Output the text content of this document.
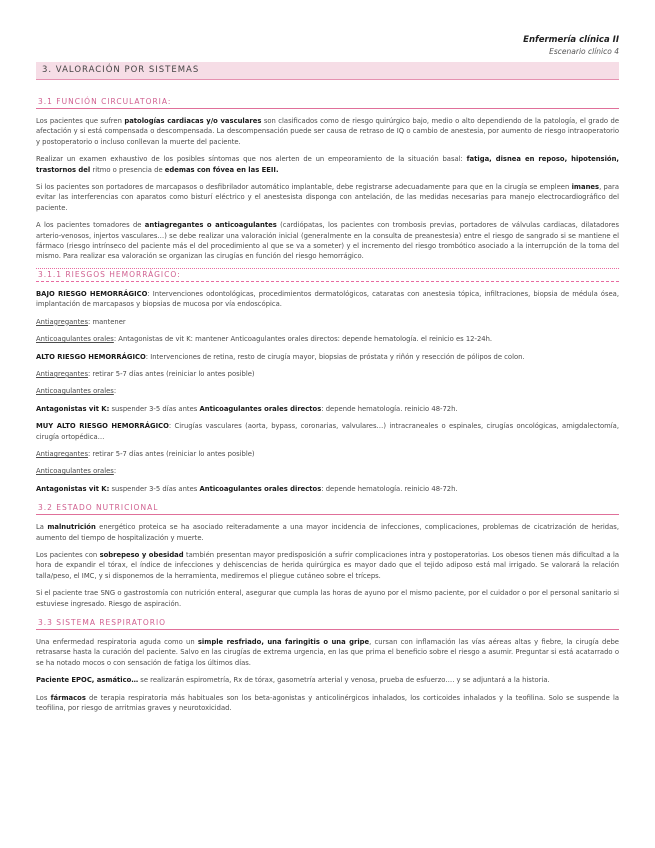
Enfermería clínica II
Escenario clínico 4
3. VALORACIÓN POR SISTEMAS
3.1 FUNCIÓN CIRCULATORIA:

Los pacientes que sufren patologías cardiacas y/o vasculares son clasificados como de riesgo quirúrgico bajo, medio o alto dependiendo de la patología, el grado de afectación y si está compensada o descompensada. La descompensación puede ser causa de retraso de IQ o cambio de anestesia, por aumento de riesgo intraoperatorio y postoperatorio o incluso conllevan la muerte del paciente.

Realizar un examen exhaustivo de los posibles síntomas que nos alerten de un empeoramiento de la situación basal: fatiga, disnea en reposo, hipotensión, trastornos del ritmo o presencia de edemas con fóvea en las EEII.

Si los pacientes son portadores de marcapasos o desfibrilador automático implantable, debe registrarse adecuadamente para que en la cirugía se empleen imanes, para evitar las interferencias con aparatos como bisturí eléctrico y el anestesista disponga con antelación, de las medidas necesarias para manejo electrocardiográfico del paciente.

A los pacientes tomadores de antiagregantes o anticoagulantes (cardiópatas, los pacientes con trombosis previas, portadores de válvulas cardiacas, dilatadores arterio-venosos, injertos vasculares…) se debe realizar una valoración inicial (generalmente en la consulta de preanestesia) entre el riesgo de sangrado si se mantiene el fármaco (riesgo intrínseco del paciente más el del procedimiento al que se va a someter) y el incremento del riesgo trombótico asociado a la interrupción de la toma del mismo. Para realizar esa valoración se organizan las cirugías en función del riesgo hemorrágico.

3.1.1 RIESGOS HEMORRÁGICO:

BAJO RIESGO HEMORRÁGICO: Intervenciones odontológicas, procedimientos dermatológicos, cataratas con anestesia tópica, infiltraciones, biopsia de médula ósea, implantación de marcapasos y biopsias de mucosa por vía endoscópica.

Antiagregantes: mantener

Anticoagulantes orales: Antagonistas de vit K: mantener Anticoagulantes orales directos: depende hematología. el reinicio es 12-24h.

ALTO RIESGO HEMORRÁGICO: Intervenciones de retina, resto de cirugía mayor, biopsias de próstata y riñón y resección de pólipos de colon.

Antiagregantes: retirar 5-7 días antes (reiniciar lo antes posible)

Anticoagulantes orales:

Antagonistas vit K: suspender 3-5 días antes Anticoagulantes orales directos: depende hematología. reinicio 48-72h.

MUY ALTO RIESGO HEMORRÁGICO: Cirugías vasculares (aorta, bypass, coronarias, valvulares…) intracraneales o espinales, cirugías oncológicas, amigdalectomía, cirugía ortopédica…

Antiagregantes: retirar 5-7 días antes (reiniciar lo antes posible)

Anticoagulantes orales:

Antagonistas vit K: suspender 3-5 días antes Anticoagulantes orales directos: depende hematología. reinicio 48-72h.

3.2 ESTADO NUTRICIONAL

La malnutrición energético proteica se ha asociado reiteradamente a una mayor incidencia de infecciones, complicaciones, problemas de cicatrización de heridas, aumento del tiempo de hospitalización y muerte.

Los pacientes con sobrepeso y obesidad también presentan mayor predisposición a sufrir complicaciones intra y postoperatorias. Los obesos tienen más dificultad a la hora de expandir el tórax, el índice de infecciones y dehiscencias de herida quirúrgica es mayor dado que el tejido adiposo está mal irrigado. Se valorará la relación talla/peso, el IMC, y si disponemos de la herramienta, mediremos el pliegue cutáneo sobre el tríceps.

Si el paciente trae SNG o gastrostomía con nutrición enteral, asegurar que cumpla las horas de ayuno por el mismo paciente, por el cuidador o por el personal sanitario si estuviese ingresado. Riesgo de aspiración.

3.3 SISTEMA RESPIRATORIO

Una enfermedad respiratoria aguda como un simple resfriado, una faringitis o una gripe, cursan con inflamación las vías aéreas altas y fiebre, la cirugía debe retrasarse hasta la curación del paciente. Salvo en las cirugías de extrema urgencia, en las que prima el beneficio sobre el riesgo a asumir. Preguntar si está acatarrado o se ha notado mocos o con sensación de fatiga los últimos días.

Paciente EPOC, asmático… se realizarán espirometría, Rx de tórax, gasometría arterial y venosa, prueba de esfuerzo…. y se adjuntará a la historia.

Los fármacos de terapia respiratoria más habituales son los beta-agonistas y anticolinérgicos inhalados, los corticoides inhalados y la teofilina. Solo se suspende la teofilina, por riesgo de arritmias graves y neurotoxicidad.
